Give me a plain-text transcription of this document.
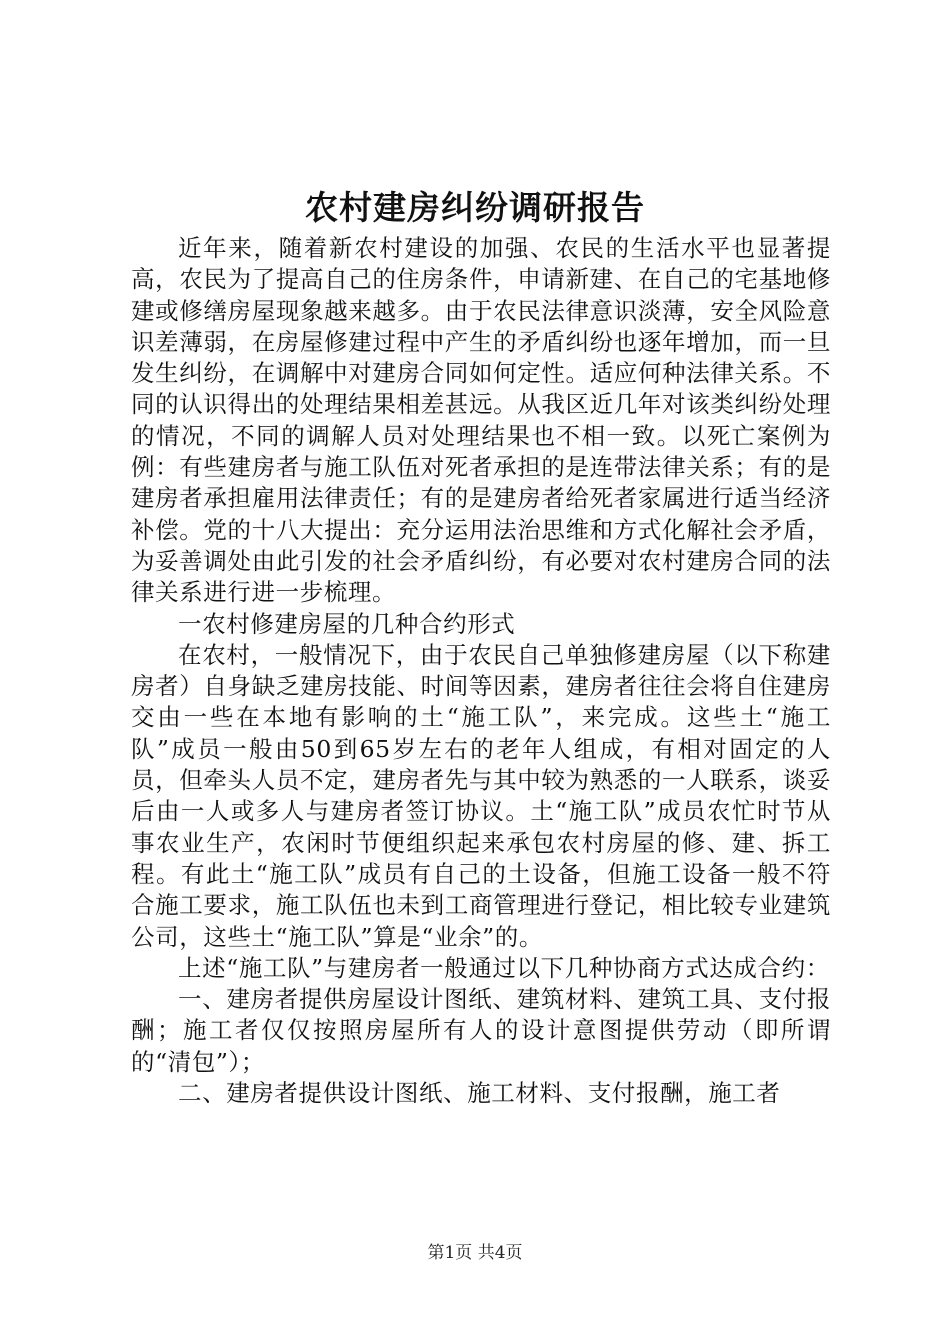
农村建房纠纷调研报告

近年来，随着新农村建设的加强、农民的生活水平也显著提高，农民为了提高自己的住房条件，申请新建、在自己的宅基地修建或修缮房屋现象越来越多。由于农民法律意识淡薄，安全风险意识差薄弱，在房屋修建过程中产生的矛盾纠纷也逐年增加，而一旦发生纠纷，在调解中对建房合同如何定性。适应何种法律关系。不同的认识得出的处理结果相差甚远。从我区近几年对该类纠纷处理的情况，不同的调解人员对处理结果也不相一致。以死亡案例为例：有些建房者与施工队伍对死者承担的是连带法律关系；有的是建房者承担雇用法律责任；有的是建房者给死者家属进行适当经济补偿。党的十八大提出：充分运用法治思维和方式化解社会矛盾，为妥善调处由此引发的社会矛盾纠纷，有必要对农村建房合同的法律关系进行进一步梳理。

一农村修建房屋的几种合约形式

在农村，一般情况下，由于农民自己单独修建房屋（以下称建房者）自身缺乏建房技能、时间等因素，建房者往往会将自住建房交由一些在本地有影响的土“施工队”，来完成。这些土“施工队”成员一般由50到65岁左右的老年人组成，有相对固定的人员，但牵头人员不定，建房者先与其中较为熟悉的一人联系，谈妥后由一人或多人与建房者签订协议。土“施工队”成员农忙时节从事农业生产，农闲时节便组织起来承包农村房屋的修、建、拆工程。有此土“施工队”成员有自己的土设备，但施工设备一般不符合施工要求，施工队伍也未到工商管理进行登记，相比较专业建筑公司，这些土“施工队”算是“业余”的。

上述“施工队”与建房者一般通过以下几种协商方式达成合约：

一、建房者提供房屋设计图纸、建筑材料、建筑工具、支付报酬；施工者仅仅按照房屋所有人的设计意图提供劳动（即所谓的“清包”）；

二、建房者提供设计图纸、施工材料、支付报酬，施工者

第1页 共4页
